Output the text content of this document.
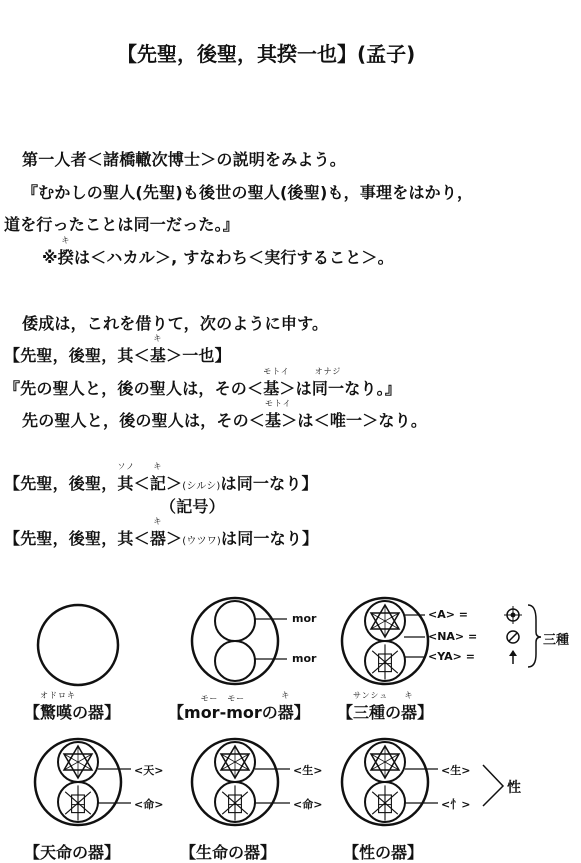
【先聖，後聖，其揆一也】(孟子)
第一人者＜諸橋轍次博士＞の説明をみよう。
『むかしの聖人(先聖)も後世の聖人(後聖)も，事理をはかり，
道を行ったことは同一だった。』
※
キ
揆は＜ハカル＞, すなわち＜実行すること＞。
倭成は，これを借りて，次のように申す。
【先聖，後聖，其＜
キ
基＞一也】
『先の聖人と，後の聖人は，その＜
モトイ
基＞は
オナジ
同一なり。』
先の聖人と，後の聖人は，その＜
モトイ
基＞は＜唯一＞なり。
【先聖，後聖，
ソノ
其＜
キ
記＞(シルシ)は同一なり】
（記号）
【先聖，後聖，其＜
キ
器＞(ウツワ)は同一なり】
mor
mor
<A> =
<NA> =
<YA> =
三種
<天>
<命>
<生>
<命>
<生>
<忄>
性
【
オドロキ
驚嘆の器】	【
モー　モー
mor-morの
キ
器】 【
サンシュ
三種の
キ
器】
【天命の器】	【生命の器】	【性の器】
